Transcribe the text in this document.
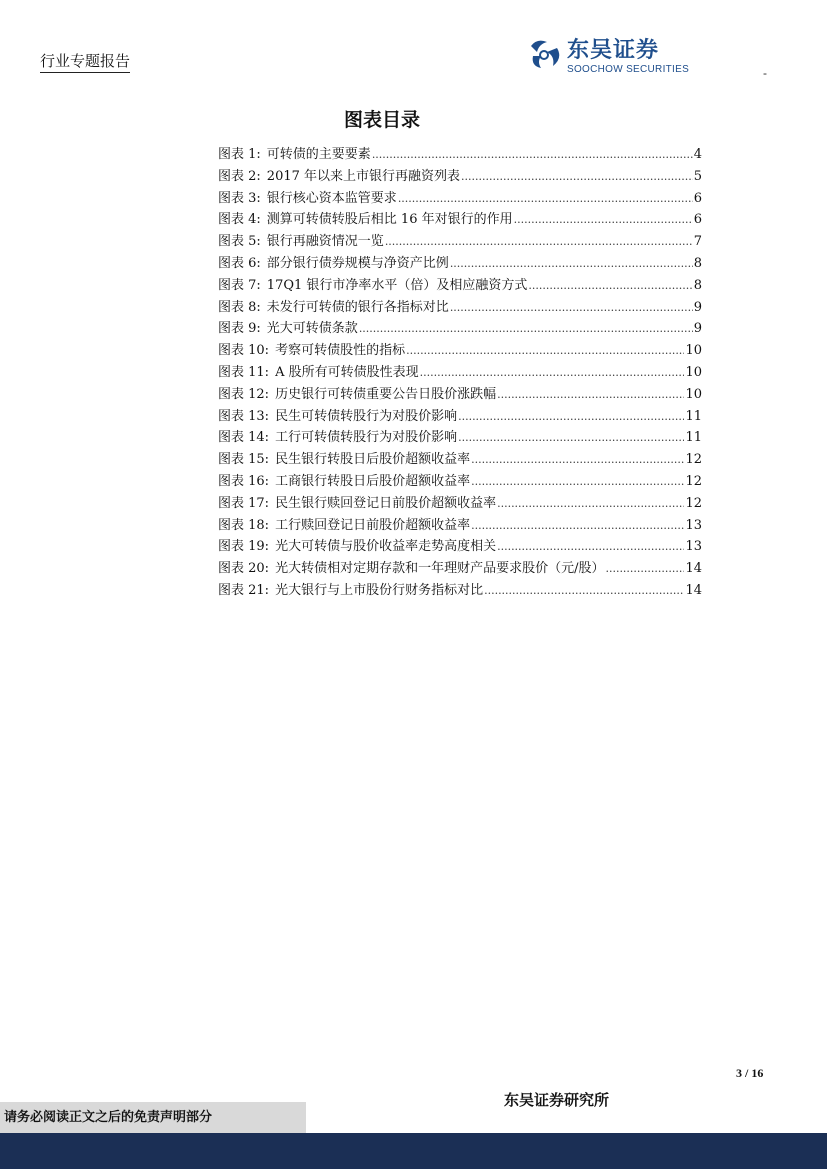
行业专题报告	东吴证券
SOOCHOW SECURITIES	-
图表目录
图表 1: 可转债的主要要素 .....	4
图表 2: 2017 年以来上市银行再融资列表 .....	5
图表 3: 银行核心资本监管要求 .....	6
图表 4: 测算可转债转股后相比 16 年对银行的作用 .....	6
图表 5: 银行再融资情况一览 .....	7
图表 6: 部分银行债券规模与净资产比例 .....	8
图表 7: 17Q1 银行市净率水平（倍）及相应融资方式 .....	8
图表 8: 未发行可转债的银行各指标对比 .....	9
图表 9: 光大可转债条款 .....	9
图表 10: 考察可转债股性的指标 .....	10
图表 11: A 股所有可转债股性表现 .....	10
图表 12: 历史银行可转债重要公告日股价涨跌幅 .....	10
图表 13: 民生可转债转股行为对股价影响 .....	11
图表 14: 工行可转债转股行为对股价影响 .....	11
图表 15: 民生银行转股日后股价超额收益率 .....	12
图表 16: 工商银行转股日后股价超额收益率 .....	12
图表 17: 民生银行赎回登记日前股价超额收益率 .....	12
图表 18: 工行赎回登记日前股价超额收益率 .....	13
图表 19: 光大可转债与股价收益率走势高度相关 .....	13
图表 20: 光大转债相对定期存款和一年理财产品要求股价（元/股） .....	14
图表 21: 光大银行与上市股份行财务指标对比 .....	14
3 / 16
东吴证券研究所
请务必阅读正文之后的免责声明部分
